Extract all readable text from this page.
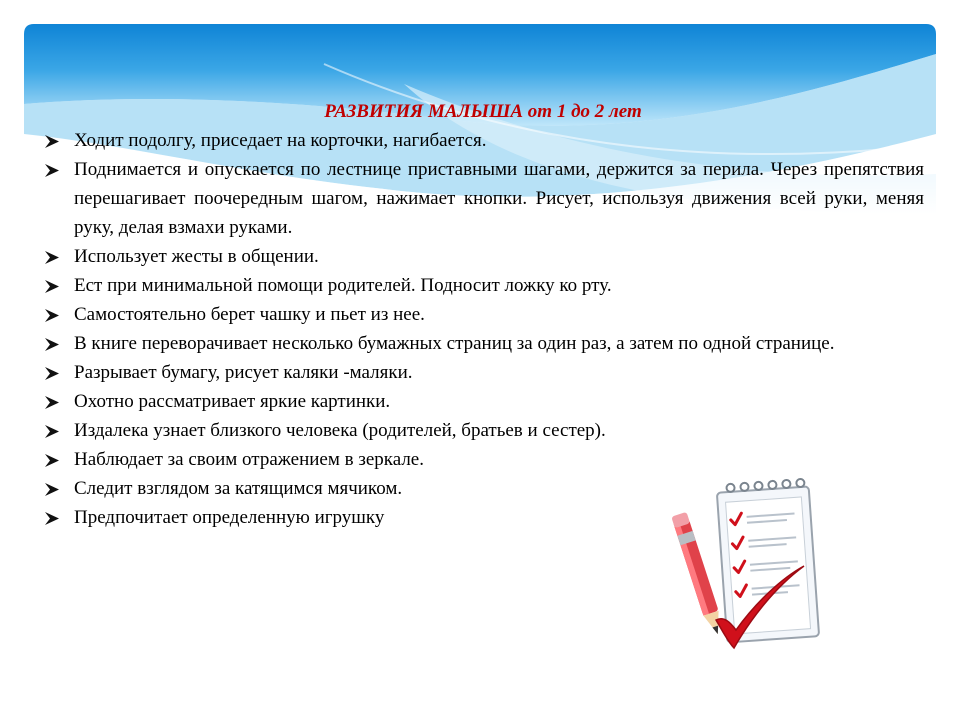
РАЗВИТИЯ МАЛЫША от 1 до 2 лет
Ходит подолгу, приседает на корточки, нагибается.
Поднимается и опускается по лестнице приставными шагами, держится за перила. Через препятствия перешагивает поочередным шагом, нажимает кнопки. Рисует, используя движения всей руки, меняя руку, делая взмахи руками.
Использует жесты в общении.
Ест при минимальной помощи родителей. Подносит ложку ко рту.
Самостоятельно берет чашку и пьет из нее.
В книге переворачивает несколько бумажных страниц за один раз, а затем по одной странице.
Разрывает бумагу, рисует каляки -маляки.
Охотно рассматривает яркие картинки.
Издалека узнает близкого человека (родителей, братьев и сестер).
Наблюдает за своим отражением в зеркале.
Следит взглядом за катящимся мячиком.
Предпочитает определенную игрушку
